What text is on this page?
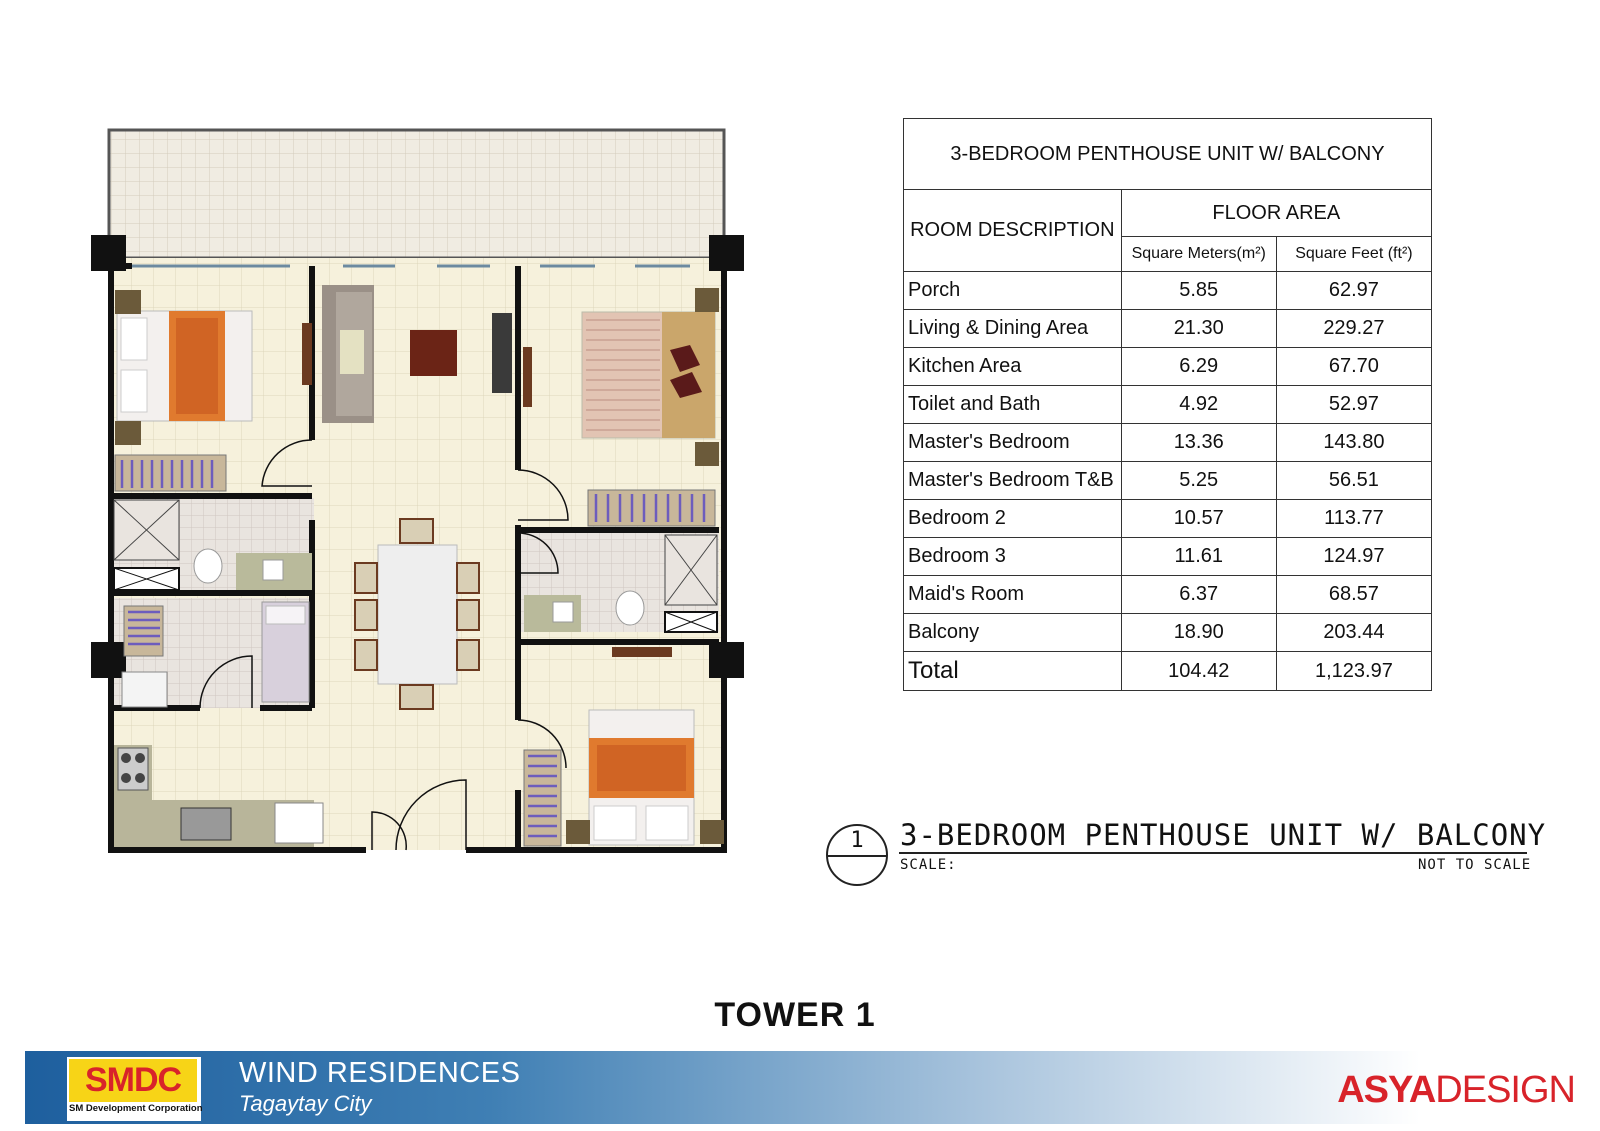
3-BEDROOM PENTHOUSE UNIT W/ BALCONY		
ROOM DESCRIPTION	FLOOR AREA	
	Square Meters(m²)	Square Feet (ft²)
Porch	5.85	62.97
Living & Dining Area	21.30	229.27
Kitchen Area	6.29	67.70
Toilet and Bath	4.92	52.97
Master's Bedroom	13.36	143.80
Master's Bedroom T&B	5.25	56.51
Bedroom 2	10.57	113.77
Bedroom 3	11.61	124.97
Maid's Room	6.37	68.57
Balcony	18.90	203.44
Total	104.42	1,123.97
1	3-BEDROOM PENTHOUSE UNIT W/ BALCONY
SCALE:	NOT TO SCALE
TOWER 1
SMDC
SM Development Corporation
WIND RESIDENCES
Tagaytay City	ASYADESIGN
